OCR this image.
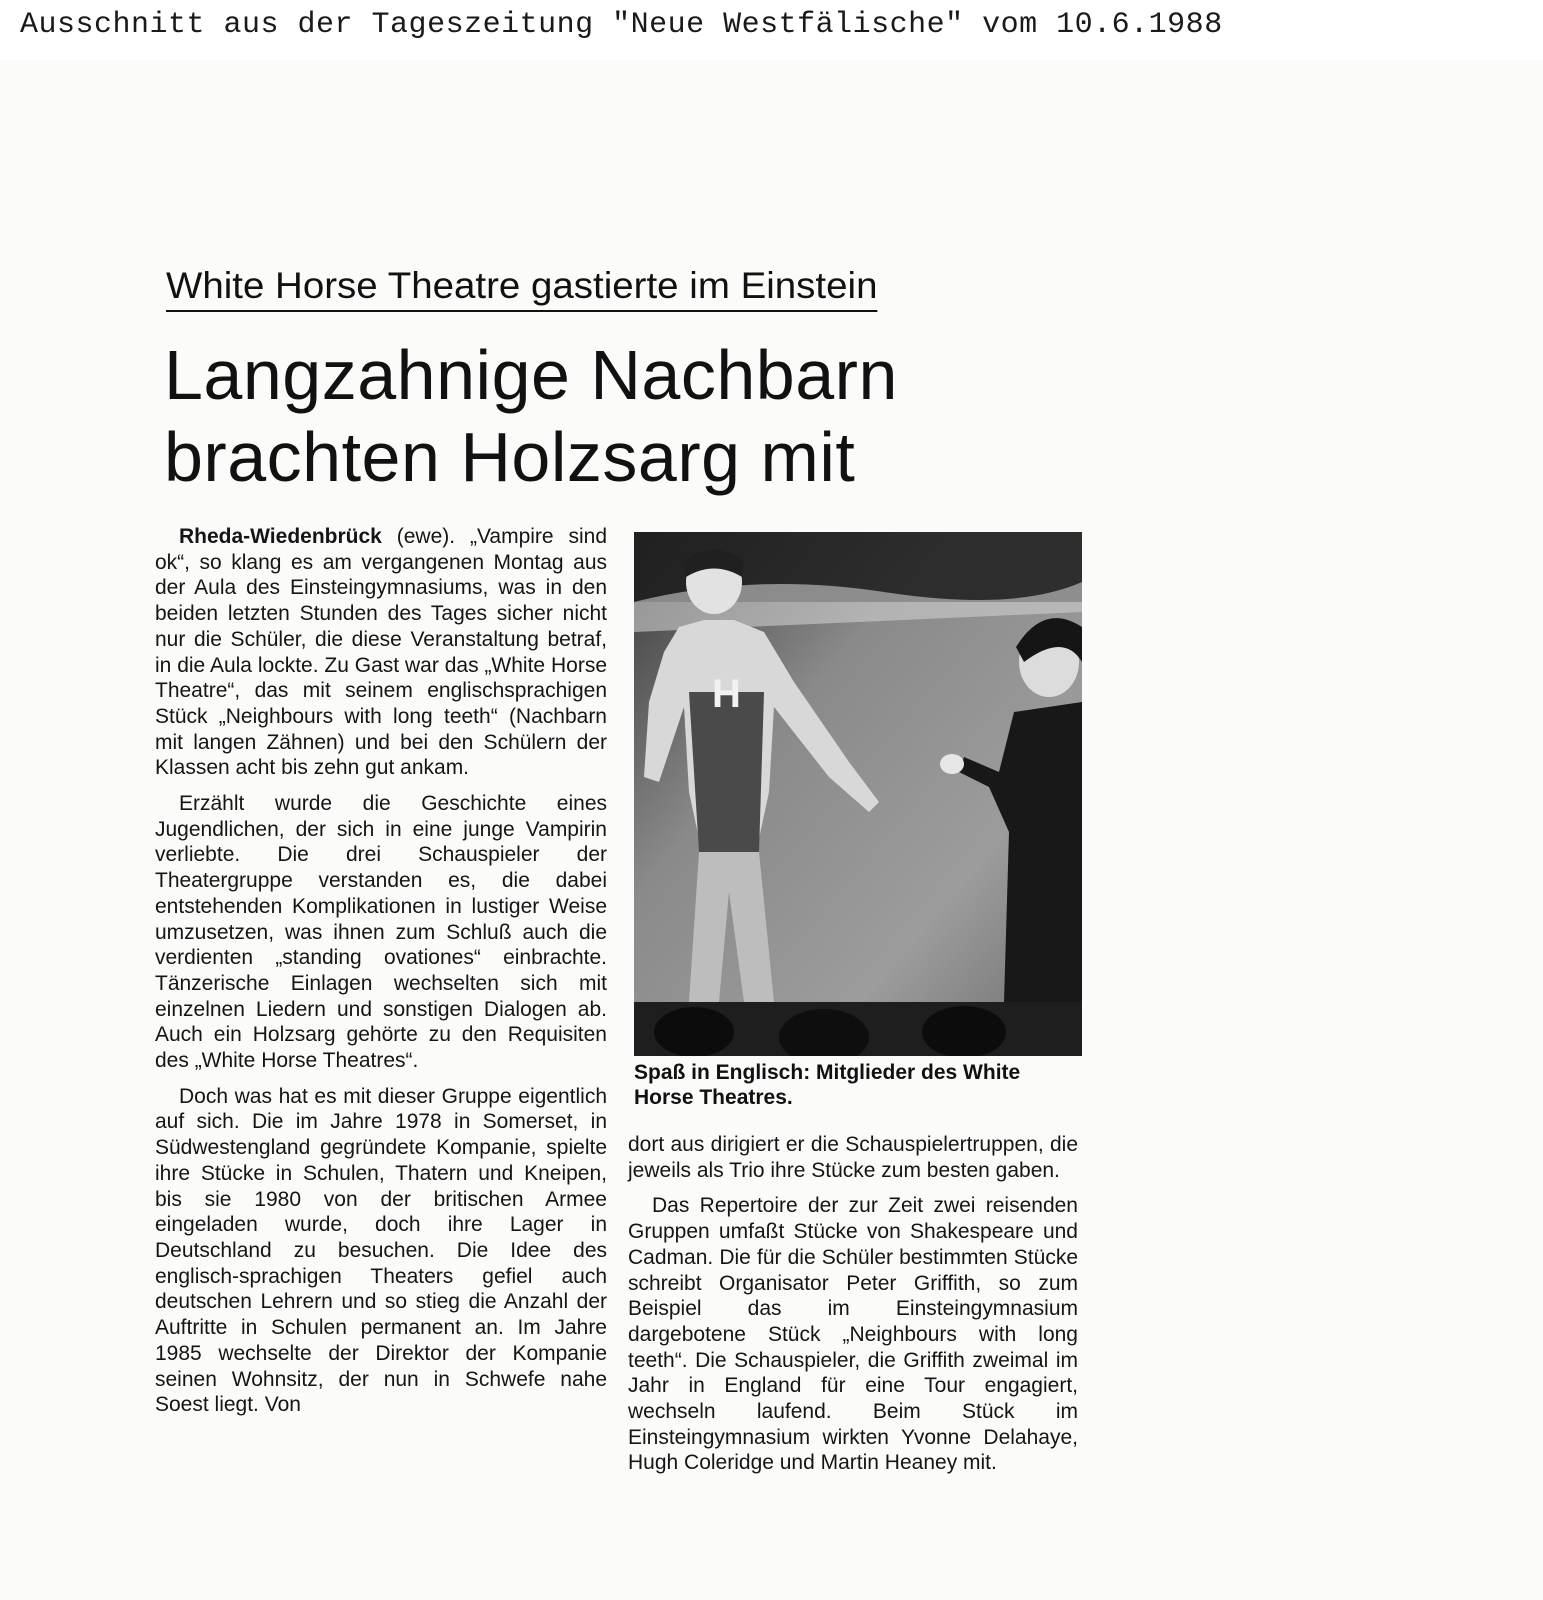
Ausschnitt aus der Tageszeitung "Neue Westfälische" vom 10.6.1988
White Horse Theatre gastierte im Einstein
Langzahnige Nachbarn
brachten Holzsarg mit

Rheda-Wiedenbrück (ewe). „Vampire sind ok“, so klang es am vergangenen Montag aus der Aula des Einsteingymnasiums, was in den beiden letzten Stunden des Tages sicher nicht nur die Schüler, die diese Veranstaltung betraf, in die Aula lockte. Zu Gast war das „White Horse Theatre“, das mit seinem englischsprachigen Stück „Neighbours with long teeth“ (Nachbarn mit langen Zähnen) und bei den Schülern der Klassen acht bis zehn gut ankam.

Erzählt wurde die Geschichte eines Jugendlichen, der sich in eine junge Vampirin verliebte. Die drei Schauspieler der Theatergruppe verstanden es, die dabei entstehenden Komplikationen in lustiger Weise umzusetzen, was ihnen zum Schluß auch die verdienten „standing ovationes“ einbrachte. Tänzerische Einlagen wechselten sich mit einzelnen Liedern und sonstigen Dialogen ab. Auch ein Holzsarg gehörte zu den Requisiten des „White Horse Theatres“.

Doch was hat es mit dieser Gruppe eigentlich auf sich. Die im Jahre 1978 in Somerset, in Südwestengland gegründete Kompanie, spielte ihre Stücke in Schulen, Thatern und Kneipen, bis sie 1980 von der britischen Armee eingeladen wurde, doch ihre Lager in Deutschland zu besuchen. Die Idee des englisch-sprachigen Theaters gefiel auch deutschen Lehrern und so stieg die Anzahl der Auftritte in Schulen permanent an. Im Jahre 1985 wechselte der Direktor der Kompanie seinen Wohnsitz, der nun in Schwefe nahe Soest liegt. Von

H
Spaß in Englisch: Mitglieder des White Horse Theatres.

dort aus dirigiert er die Schauspielertruppen, die jeweils als Trio ihre Stücke zum besten gaben.

Das Repertoire der zur Zeit zwei reisenden Gruppen umfaßt Stücke von Shakespeare und Cadman. Die für die Schüler bestimmten Stücke schreibt Organisator Peter Griffith, so zum Beispiel das im Einsteingymnasium dargebotene Stück „Neighbours with long teeth“. Die Schauspieler, die Griffith zweimal im Jahr in England für eine Tour engagiert, wechseln laufend. Beim Stück im Einsteingymnasium wirkten Yvonne Delahaye, Hugh Coleridge und Martin Heaney mit.
